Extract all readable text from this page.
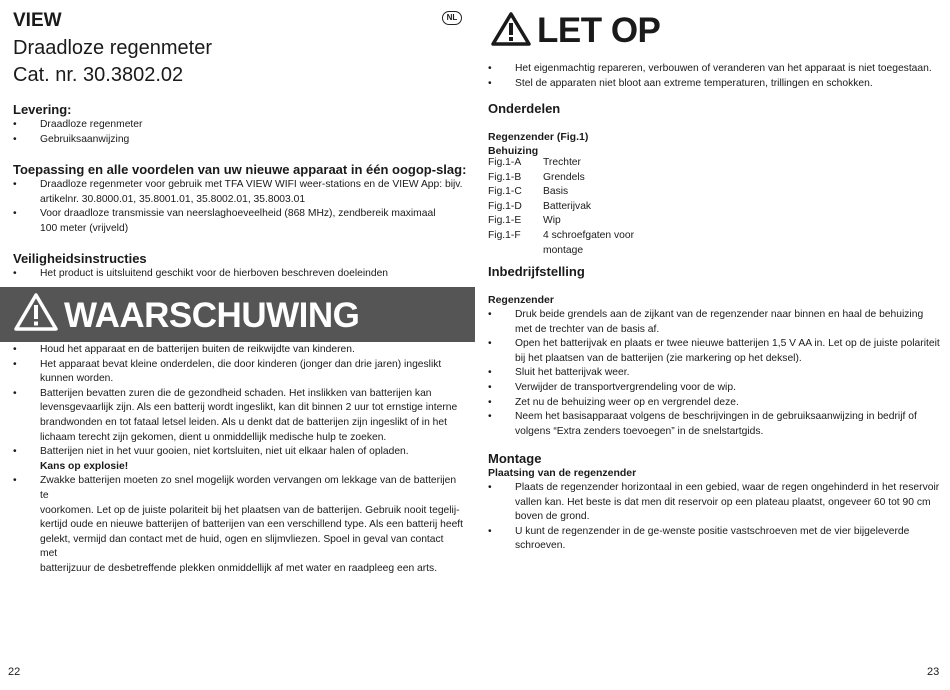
VIEW	NL
Draadloze regenmeter
Cat. nr. 30.3802.02
Levering:
• Draadloze regenmeter
• Gebruiksaanwijzing
Toepassing en alle voordelen van uw nieuwe apparaat in één oogop-slag:
• Draadloze regenmeter voor gebruik met TFA VIEW WIFI weer-stations en de VIEW App: bijv.
artikelnr. 30.8000.01, 35.8001.01, 35.8002.01, 35.8003.01
• Voor draadloze transmissie van neerslaghoeveelheid (868 MHz), zendbereik maximaal
100 meter (vrijveld)
Veiligheidsinstructies
• Het product is uitsluitend geschikt voor de hierboven beschreven doeleinden
WAARSCHUWING
• Houd het apparaat en de batterijen buiten de reikwijdte van kinderen.
• Het apparaat bevat kleine onderdelen, die door kinderen (jonger dan drie jaren) ingeslikt
kunnen worden.
• Batterijen bevatten zuren die de gezondheid schaden. Het inslikken van batterijen kan
levensgevaarlijk zijn. Als een batterij wordt ingeslikt, kan dit binnen 2 uur tot ernstige interne
brandwonden en tot fataal letsel leiden. Als u denkt dat de batterijen zijn ingeslikt of in het
lichaam terecht zijn gekomen, dient u onmiddellijk medische hulp te zoeken.
• Batterijen niet in het vuur gooien, niet kortsluiten, niet uit elkaar halen of opladen.
Kans op explosie!
• Zwakke batterijen moeten zo snel mogelijk worden vervangen om lekkage van de batterijen te
voorkomen. Let op de juiste polariteit bij het plaatsen van de batterijen. Gebruik nooit tegelij-
kertijd oude en nieuwe batterijen of batterijen van een verschillend type. Als een batterij heeft
gelekt, vermijd dan contact met de huid, ogen en slijmvliezen. Spoel in geval van contact met
batterijzuur de desbetreffende plekken onmiddellijk af met water en raadpleeg een arts.
22
LET OP
• Het eigenmachtig repareren, verbouwen of veranderen van het apparaat is niet toegestaan.
• Stel de apparaten niet bloot aan extreme temperaturen, trillingen en schokken.
Onderdelen
Regenzender (Fig.1)
Behuizing
Fig.1-A	Trechter
Fig.1-B	Grendels
Fig.1-C	Basis
Fig.1-D	Batterijvak
Fig.1-E	Wip
Fig.1-F	4 schroefgaten voor
montage
Inbedrijfstelling
Regenzender
• Druk beide grendels aan de zijkant van de regenzender naar binnen en haal de behuizing
met de trechter van de basis af.
• Open het batterijvak en plaats er twee nieuwe batterijen 1,5 V AA in. Let op de juiste polariteit
bij het plaatsen van de batterijen (zie markering op het deksel).
• Sluit het batterijvak weer.
• Verwijder de transportvergrendeling voor de wip.
• Zet nu de behuizing weer op en vergrendel deze.
• Neem het basisapparaat volgens de beschrijvingen in de gebruiksaanwijzing in bedrijf of
volgens “Extra zenders toevoegen” in de snelstartgids.
Montage
Plaatsing van de regenzender
• Plaats de regenzender horizontaal in een gebied, waar de regen ongehinderd in het reservoir
vallen kan. Het beste is dat men dit reservoir op een plateau plaatst, ongeveer 60 tot 90 cm
boven de grond.
• U kunt de regenzender in de ge-wenste positie vastschroeven met de vier bijgeleverde
schroeven.
23
